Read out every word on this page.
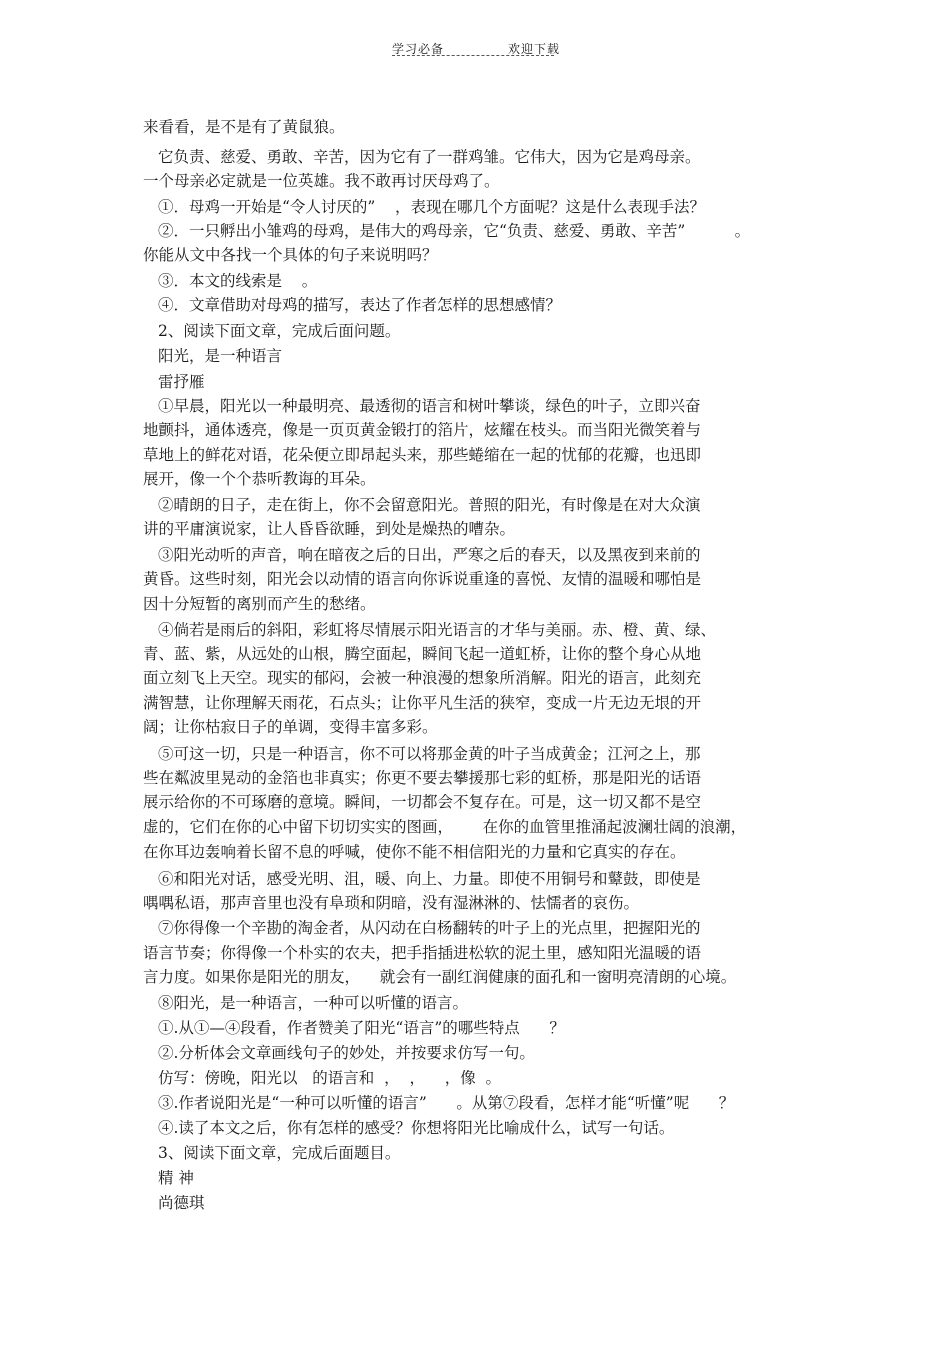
学习必备	欢迎下载
来看看，是不是有了黄鼠狼。
它负责、慈爱、勇敢、辛苦，因为它有了一群鸡雏。它伟大，因为它是鸡母亲。
一个母亲必定就是一位英雄。我不敢再讨厌母鸡了。
①．母鸡一开始是“令人讨厌的”    ，表现在哪几个方面呢？这是什么表现手法？
②．一只孵出小雏鸡的母鸡，是伟大的鸡母亲，它“负责、慈爱、勇敢、辛苦”          。
你能从文中各找一个具体的句子来说明吗？
③．本文的线索是    。
④．文章借助对母鸡的描写，表达了作者怎样的思想感情？
2、阅读下面文章，完成后面问题。
阳光，是一种语言
雷抒雁
①早晨，阳光以一种最明亮、最透彻的语言和树叶攀谈，绿色的叶子，立即兴奋
地颤抖，通体透亮，像是一页页黄金锻打的箔片，炫耀在枝头。而当阳光微笑着与
草地上的鲜花对语，花朵便立即昂起头来，那些蜷缩在一起的忧郁的花瓣，也迅即
展开，像一个个恭听教诲的耳朵。
②晴朗的日子，走在街上，你不会留意阳光。普照的阳光，有时像是在对大众演
讲的平庸演说家，让人昏昏欲睡，到处是燥热的嘈杂。
③阳光动听的声音，响在暗夜之后的日出，严寒之后的春天，以及黑夜到来前的
黄昏。这些时刻，阳光会以动情的语言向你诉说重逢的喜悦、友情的温暖和哪怕是
因十分短暂的离别而产生的愁绪。
④倘若是雨后的斜阳，彩虹将尽情展示阳光语言的才华与美丽。赤、橙、黄、绿、
青、蓝、紫，从远处的山根，腾空面起，瞬间飞起一道虹桥，让你的整个身心从地
面立刻飞上天空。现实的郁闷，会被一种浪漫的想象所消解。阳光的语言，此刻充
满智慧，让你理解天雨花，石点头；让你平凡生活的狭窄，变成一片无边无垠的开
阔；让你枯寂日子的单调，变得丰富多彩。
⑤可这一切，只是一种语言，你不可以将那金黄的叶子当成黄金；江河之上，那
些在粼波里晃动的金箔也非真实；你更不要去攀援那七彩的虹桥，那是阳光的话语
展示给你的不可琢磨的意境。瞬间，一切都会不复存在。可是，这一切又都不是空
虚的，它们在你的心中留下切切实实的图画，      在你的血管里推涌起波澜壮阔的浪潮，
在你耳边轰响着长留不息的呼喊，使你不能不相信阳光的力量和它真实的存在。
⑥和阳光对话，感受光明、沮，暖、向上、力量。即使不用铜号和鼙鼓，即使是
喁喁私语，那声音里也没有阜琐和阴暗，没有湿淋淋的、怯懦者的哀伤。
⑦你得像一个辛勘的淘金者，从闪动在白杨翻转的叶子上的光点里，把握阳光的
语言节奏；你得像一个朴实的农夫，把手指插进松软的泥土里，感知阳光温暖的语
言力度。如果你是阳光的朋友，    就会有一副红润健康的面孔和一窗明亮清朗的心境。
⑧阳光，是一种语言，一种可以听懂的语言。
①.从①—④段看，作者赞美了阳光“语言”的哪些特点      ？
②.分析体会文章画线句子的妙处，并按要求仿写一句。
仿写：傍晚，阳光以   的语言和  ，  ，    ，像  。
③.作者说阳光是“一种可以听懂的语言”      。从第⑦段看，怎样才能“听懂”呢      ？
④.读了本文之后，你有怎样的感受？你想将阳光比喻成什么，试写一句话。
3、阅读下面文章，完成后面题目。
精 神
尚德琪
